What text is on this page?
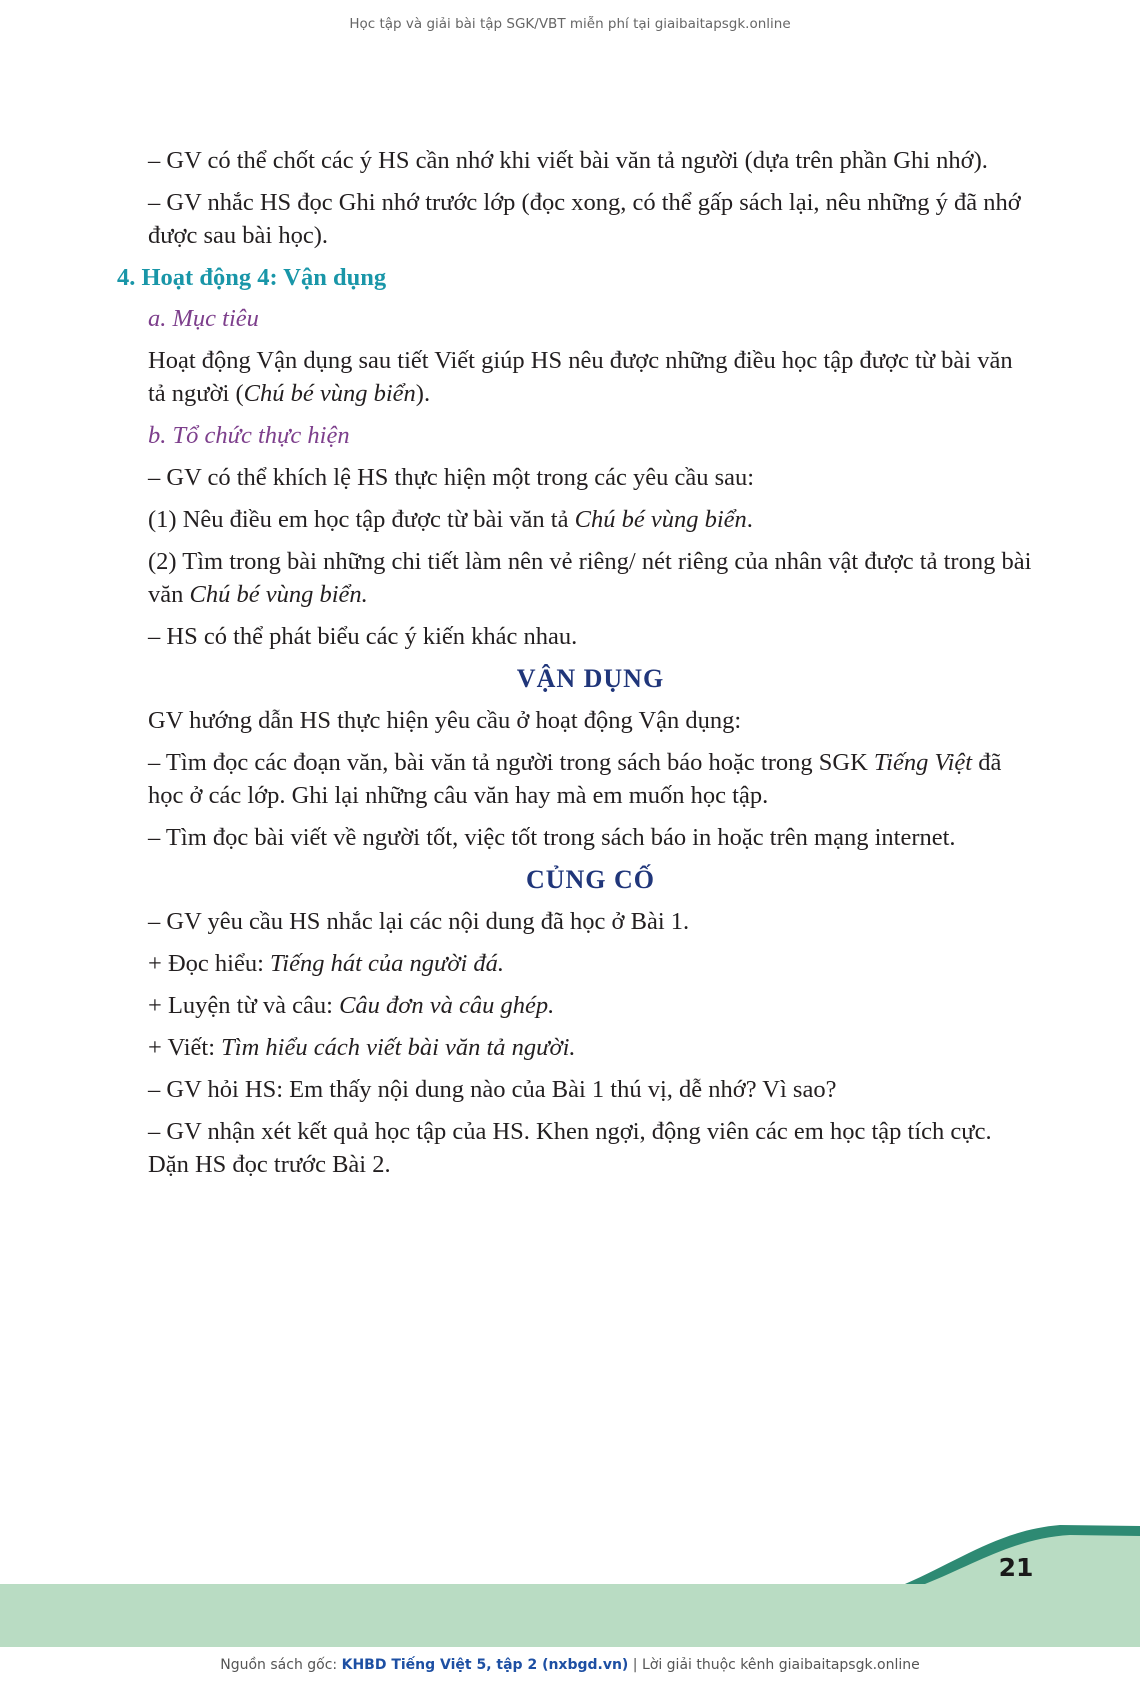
Học tập và giải bài tập SGK/VBT miễn phí tại giaibaitapsgk.online

– GV có thể chốt các ý HS cần nhớ khi viết bài văn tả người (dựa trên phần Ghi nhớ).

– GV nhắc HS đọc Ghi nhớ trước lớp (đọc xong, có thể gấp sách lại, nêu những ý đã nhớ được sau bài học).

4. Hoạt động 4: Vận dụng
a. Mục tiêu

Hoạt động Vận dụng sau tiết Viết giúp HS nêu được những điều học tập được từ bài văn tả người (Chú bé vùng biển).

b. Tổ chức thực hiện

– GV có thể khích lệ HS thực hiện một trong các yêu cầu sau:

(1) Nêu điều em học tập được từ bài văn tả Chú bé vùng biển.

(2) Tìm trong bài những chi tiết làm nên vẻ riêng/ nét riêng của nhân vật được tả trong bài văn Chú bé vùng biển.

– HS có thể phát biểu các ý kiến khác nhau.

VẬN DỤNG

GV hướng dẫn HS thực hiện yêu cầu ở hoạt động Vận dụng:

– Tìm đọc các đoạn văn, bài văn tả người trong sách báo hoặc trong SGK Tiếng Việt đã học ở các lớp. Ghi lại những câu văn hay mà em muốn học tập.

– Tìm đọc bài viết về người tốt, việc tốt trong sách báo in hoặc trên mạng internet.

CỦNG CỐ

– GV yêu cầu HS nhắc lại các nội dung đã học ở Bài 1.

+ Đọc hiểu: Tiếng hát của người đá.

+ Luyện từ và câu: Câu đơn và câu ghép.

+ Viết: Tìm hiểu cách viết bài văn tả người.

– GV hỏi HS: Em thấy nội dung nào của Bài 1 thú vị, dễ nhớ? Vì sao?

– GV nhận xét kết quả học tập của HS. Khen ngợi, động viên các em học tập tích cực. Dặn HS đọc trước Bài 2.

21
Nguồn sách gốc: KHBD Tiếng Việt 5, tập 2 (nxbgd.vn) | Lời giải thuộc kênh giaibaitapsgk.online
